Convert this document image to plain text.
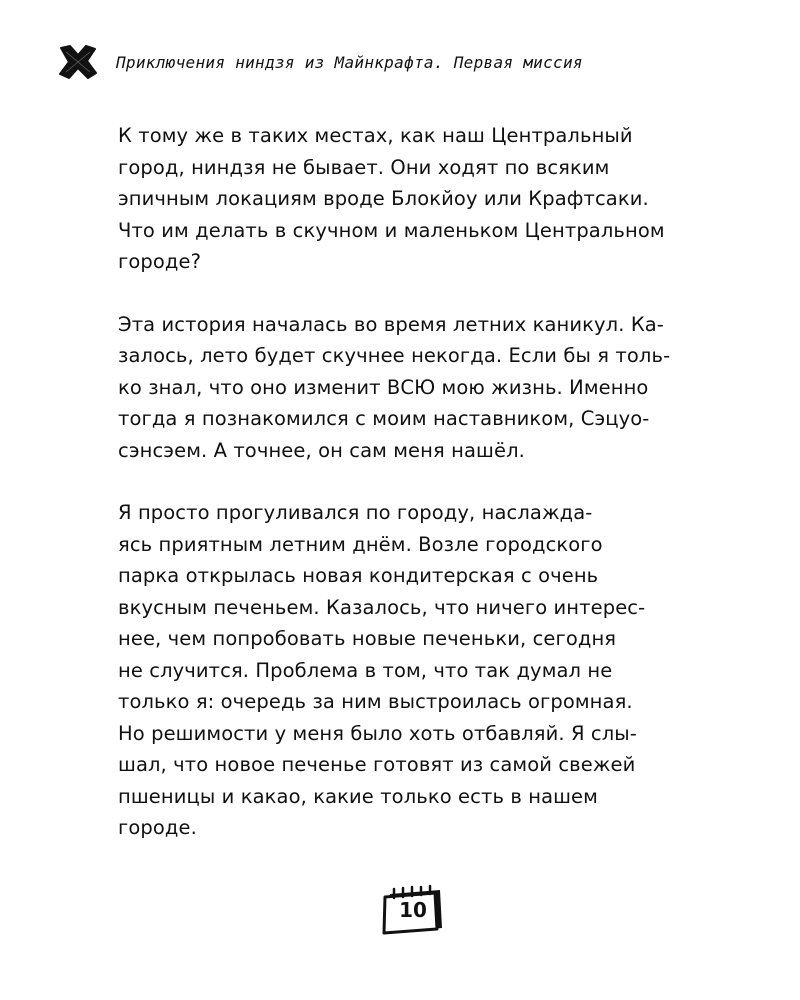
Приключения ниндзя из Майнкрафта. Первая миссия

К тому же в таких местах, как наш Центральный
город, ниндзя не бывает. Они ходят по всяким
эпичным локациям вроде Блокйоу или Крафтсаки.
Что им делать в скучном и маленьком Центральном
городе?

Эта история началась во время летних каникул. Ка-
залось, лето будет скучнее некогда. Если бы я толь-
ко знал, что оно изменит ВСЮ мою жизнь. Именно
тогда я познакомился с моим наставником, Сэцуо-
сэнсэем. А точнее, он сам меня нашёл.

Я просто прогуливался по городу, наслажда-
ясь приятным летним днём. Возле городского
парка открылась новая кондитерская с очень
вкусным печеньем. Казалось, что ничего интерес-
нее, чем попробовать новые печеньки, сегодня
не случится. Проблема в том, что так думал не
только я: очередь за ним выстроилась огромная.
Но решимости у меня было хоть отбавляй. Я слы-
шал, что новое печенье готовят из самой свежей
пшеницы и какао, какие только есть в нашем
городе.

10
